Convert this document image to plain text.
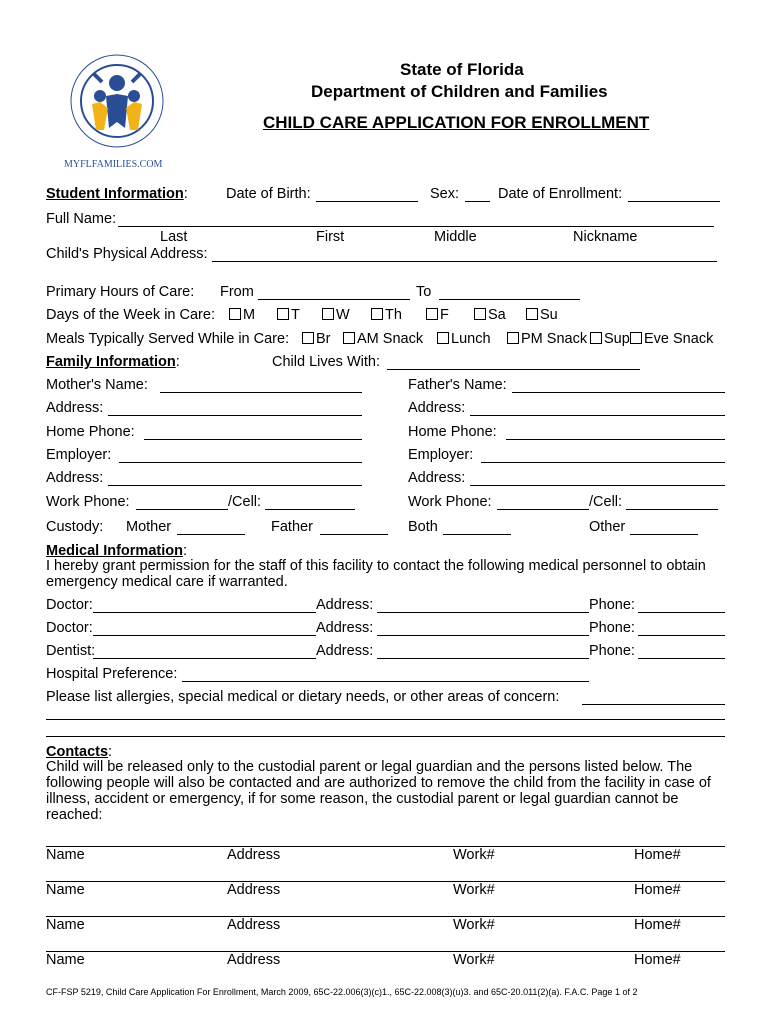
MYFLFAMILIES.COM
State of Florida
Department of Children and Families
CHILD CARE APPLICATION FOR ENROLLMENT
Student Information:	Date of Birth:	Sex:	Date of Enrollment:
Full Name:
Last	First	Middle	Nickname
Child's Physical Address:
Primary Hours of Care: From	To
Days of the Week in Care:	M	T	W	Th	F	Sa	Su
Meals Typically Served While in Care:	Br	AM Snack	Lunch	PM Snack	Sup Eve Snack
Family Information:	Child Lives With:
Mother's Name:	Father's Name:
Address:	Address:
Home Phone:	Home Phone:
Employer:	Employer:
Address:	Address:
Work Phone:	/Cell:	Work Phone:	/Cell:
Custody: Mother	Father	Both	Other
Medical Information:
I hereby grant permission for the staff of this facility to contact the following medical personnel to obtain emergency medical care if warranted.
Doctor:	Address:	Phone:
Doctor:	Address:	Phone:
Dentist:	Address:	Phone:
Hospital Preference:
Please list allergies, special medical or dietary needs, or other areas of concern:
Contacts:
Child will be released only to the custodial parent or legal guardian and the persons listed below. The following people will also be contacted and are authorized to remove the child from the facility in case of illness, accident or emergency, if for some reason, the custodial parent or legal guardian cannot be reached:
Name	Address	Work#	Home#
Name	Address	Work#	Home#
Name	Address	Work#	Home#
Name	Address	Work#	Home#
CF-FSP 5219, Child Care Application For Enrollment, March 2009, 65C-22.006(3)(c)1., 65C-22.008(3)(u)3. and 65C-20.011(2)(a). F.A.C. Page 1 of 2
